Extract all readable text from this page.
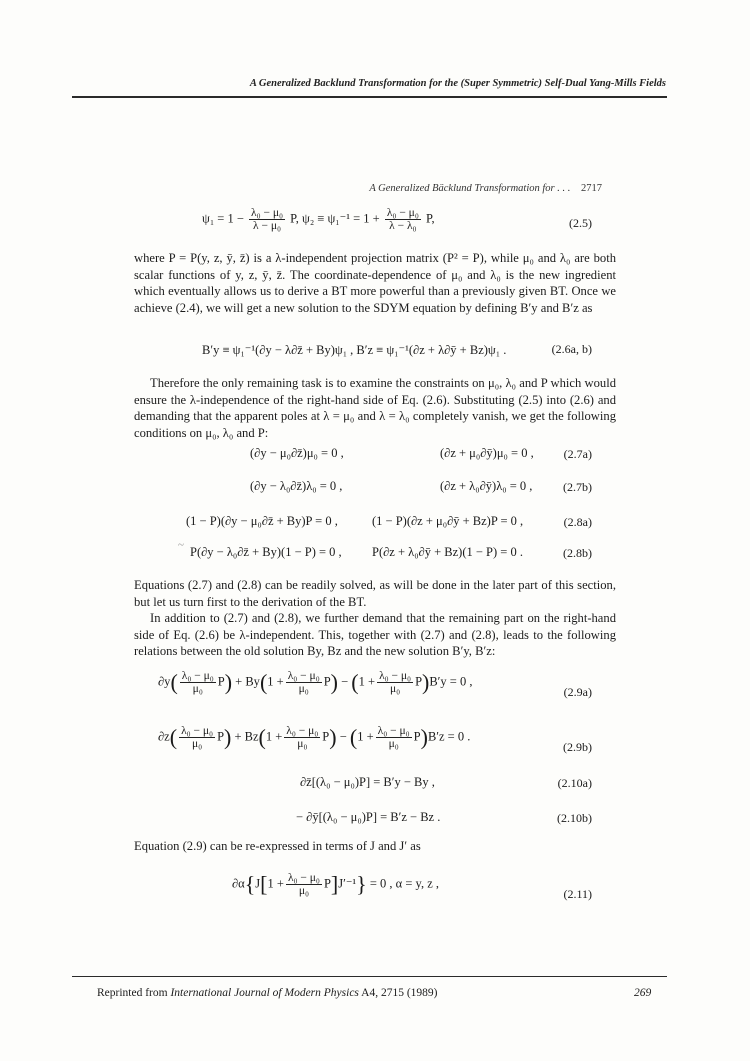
A Generalized Backlund Transformation for the (Super Symmetric) Self-Dual Yang-Mills Fields
A Generalized Bäcklund Transformation for . . . 2717
$\psi_1 = 1 - \frac{\text{λ₀ − μ₀}}{\text{λ − μ₀}} P$, $\psi_2 \equiv \psi_1^{-1} = 1 + \frac{\text{λ₀ − μ₀}}{\text{λ − λ₀}} P$,	(2.5)

where P = P(y, z, ȳ, z̄) is a λ-independent projection matrix (P² = P), while μ₀ and λ₀ are both scalar functions of y, z, ȳ, z̄. The coordinate-dependence of μ₀ and λ₀ is the new ingredient which eventually allows us to derive a BT more powerful than a previously given BT. Once we achieve (2.4), we will get a new solution to the SDYM equation by defining B′y and B′z as

B′y ≡ ψ₁⁻¹(∂y − λ∂z̄ + By)ψ₁ , B′z ≡ ψ₁⁻¹(∂z + λ∂ȳ + Bz)ψ₁ .	(2.6a, b)

Therefore the only remaining task is to examine the constraints on μ₀, λ₀ and P which would ensure the λ-independence of the right-hand side of Eq. (2.6). Substituting (2.5) into (2.6) and demanding that the apparent poles at λ = μ₀ and λ = λ₀ completely vanish, we get the following conditions on μ₀, λ₀ and P:

(∂y − μ₀∂z̄)μ₀ = 0 ,	(∂z + μ₀∂ȳ)μ₀ = 0 , (2.7a)
(∂y − λ₀∂z̄)λ₀ = 0 ,	(∂z + λ₀∂ȳ)λ₀ = 0 ,	(2.7b)
(1 − P)(∂y − μ₀∂z̄ + By)P = 0 ,	(1 − P)(∂z + μ₀∂ȳ + Bz)P = 0 ,	(2.8a)
~ P(∂y − λ₀∂z̄ + By)(1 − P) = 0 , P(∂z + λ₀∂ȳ + Bz)(1 − P) = 0 .	(2.8b)

Equations (2.7) and (2.8) can be readily solved, as will be done in the later part of this section, but let us turn first to the derivation of the BT.

In addition to (2.7) and (2.8), we further demand that the remaining part on the right-hand side of Eq. (2.6) be λ-independent. This, together with (2.7) and (2.8), leads to the following relations between the old solution By, Bz and the new solution B′y, B′z:

$\partial y( \frac{\text{λ₀ − μ₀}}{\text{μ₀}} P) + By(1 + \frac{\text{λ₀ − μ₀}}{\text{μ₀}} P) - (1 + \frac{\text{λ₀ − μ₀}}{\text{μ₀}} P)B'y = 0$ ,
(2.9a)
$\partial z( \frac{\text{λ₀ − μ₀}}{\text{μ₀}} P) + Bz(1 + \frac{\text{λ₀ − μ₀}}{\text{μ₀}} P) - (1 + \frac{\text{λ₀ − μ₀}}{\text{μ₀}} P)B'z = 0$ .
(2.9b)
∂z̄[(λ₀ − μ₀)P] = B′y − By ,	(2.10a)
− ∂ȳ[(λ₀ − μ₀)P] = B′z − Bz .	(2.10b)

Equation (2.9) can be re-expressed in terms of J and J′ as

$\partial\alpha\{J[1 + \frac{\text{λ₀ − μ₀}}{\text{μ₀}} P]J'^{-1}\} = 0$ , α = y, z ,
(2.11)
Reprinted from International Journal of Modern Physics A4, 2715 (1989)	269
